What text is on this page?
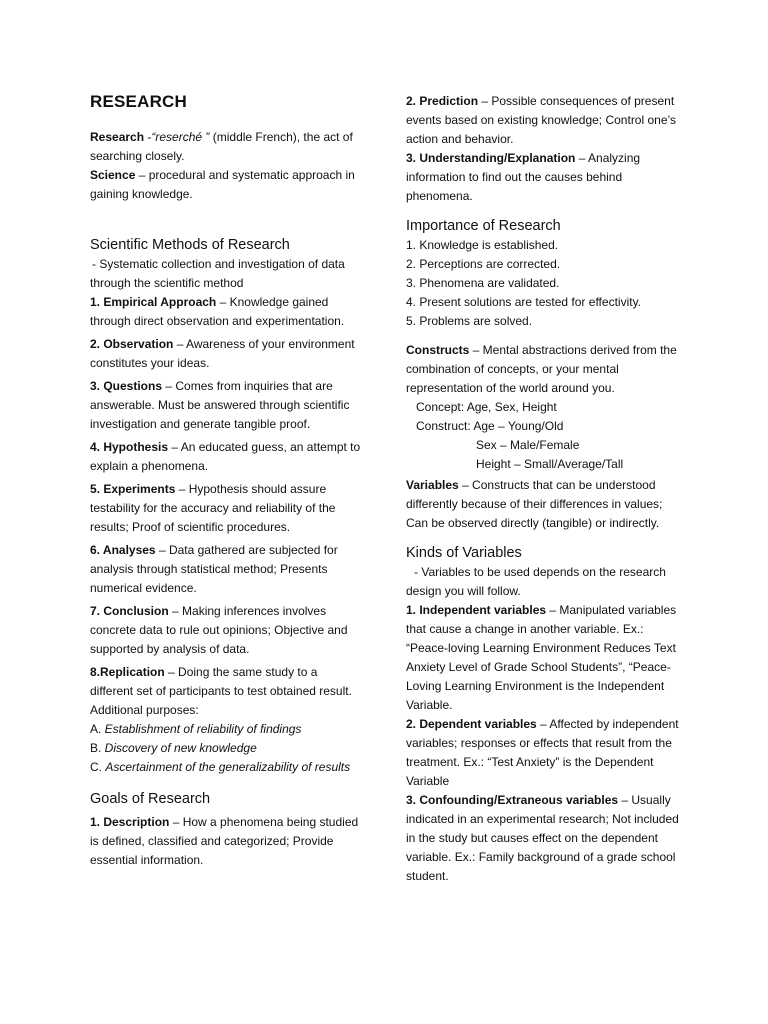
RESEARCH

Research -“reserché ” (middle French), the act of searching closely.

Science – procedural and systematic approach in gaining knowledge.

Scientific Methods of Research

- Systematic collection and investigation of data through the scientific method

1. Empirical Approach – Knowledge gained through direct observation and experimentation.

2. Observation – Awareness of your environment constitutes your ideas.

3. Questions – Comes from inquiries that are answerable. Must be answered through scientific investigation and generate tangible proof.

4. Hypothesis – An educated guess, an attempt to explain a phenomena.

5. Experiments – Hypothesis should assure testability for the accuracy and reliability of the results; Proof of scientific procedures.

6. Analyses – Data gathered are subjected for analysis through statistical method; Presents numerical evidence.

7. Conclusion – Making inferences involves concrete data to rule out opinions; Objective and supported by analysis of data.

8.Replication – Doing the same study to a different set of participants to test obtained result. Additional purposes:

A. Establishment of reliability of findings

B. Discovery of new knowledge

C. Ascertainment of the generalizability of results

Goals of Research

1. Description – How a phenomena being studied is defined, classified and categorized; Provide essential information.

2. Prediction – Possible consequences of present events based on existing knowledge; Control one’s action and behavior.

3. Understanding/Explanation – Analyzing information to find out the causes behind phenomena.

Importance of Research

1. Knowledge is established.

2. Perceptions are corrected.

3. Phenomena are validated.

4. Present solutions are tested for effectivity.

5. Problems are solved.

Constructs – Mental abstractions derived from the combination of concepts, or your mental representation of the world around you.

Concept: Age, Sex, Height

Construct: Age – Young/Old

Sex – Male/Female

Height – Small/Average/Tall

Variables – Constructs that can be understood differently because of their differences in values; Can be observed directly (tangible) or indirectly.

Kinds of Variables

- Variables to be used depends on the research design you will follow.

1. Independent variables – Manipulated variables that cause a change in another variable. Ex.: “Peace-loving Learning Environment Reduces Text Anxiety Level of Grade School Students”, “Peace-Loving Learning Environment is the Independent Variable.

2. Dependent variables – Affected by independent variables; responses or effects that result from the treatment. Ex.: “Test Anxiety” is the Dependent Variable

3. Confounding/Extraneous variables – Usually indicated in an experimental research; Not included in the study but causes effect on the dependent variable. Ex.: Family background of a grade school student.
